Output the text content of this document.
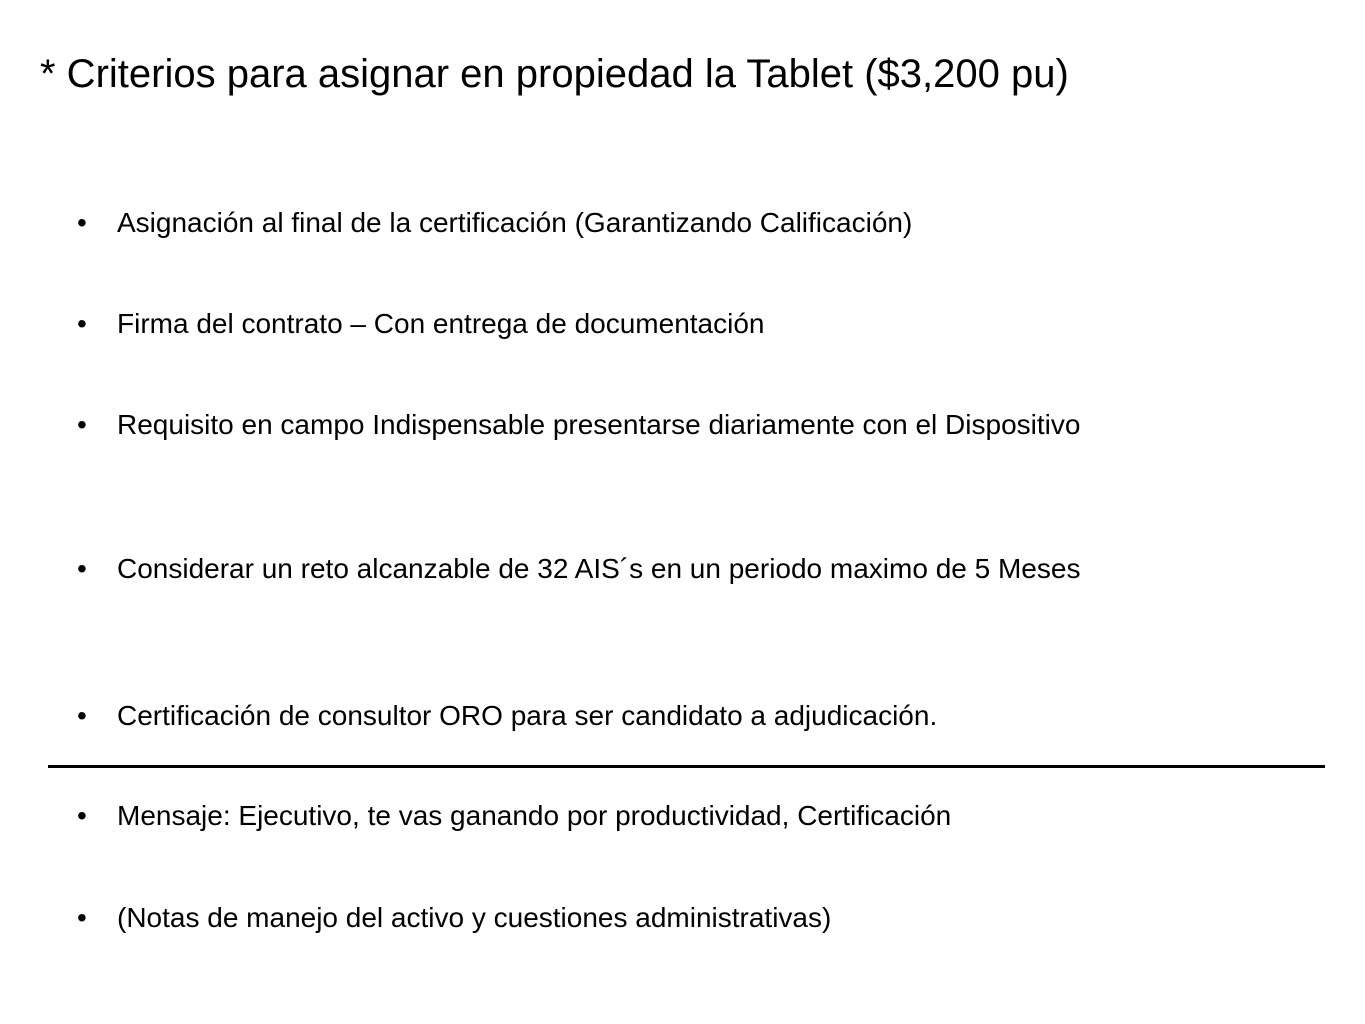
* Criterios para asignar en propiedad la Tablet ($3,200 pu)
•	Asignación al final de la certificación (Garantizando Calificación)
•	Firma del contrato – Con entrega de documentación
•	Requisito en campo Indispensable presentarse diariamente con el Dispositivo
•	Considerar un reto alcanzable de 32 AIS´s en un periodo maximo de 5 Meses
•	Certificación de consultor ORO para ser candidato a adjudicación.
•	Mensaje: Ejecutivo, te vas ganando por productividad, Certificación
•	(Notas de manejo del activo y cuestiones administrativas)
